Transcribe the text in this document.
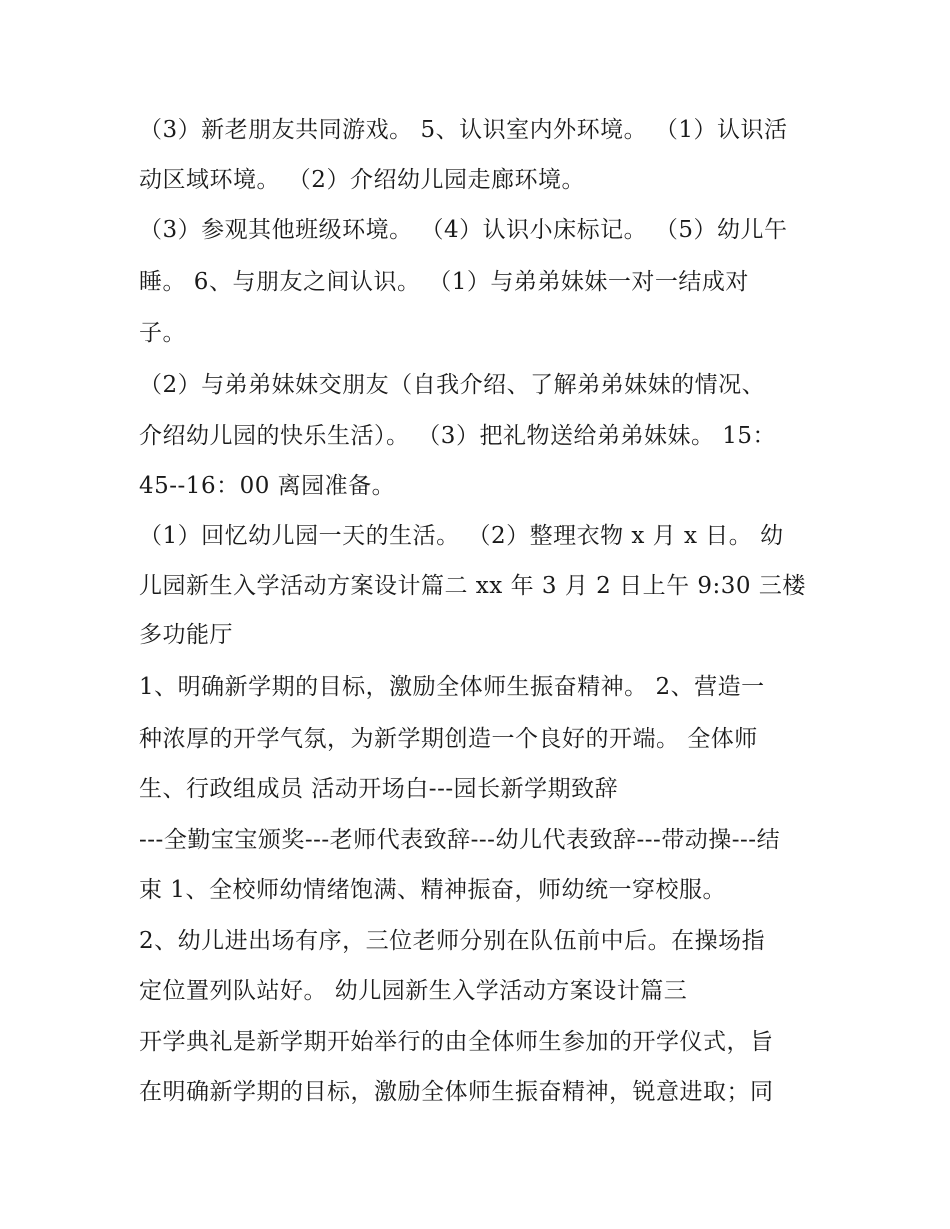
（3）新老朋友共同游戏。 5、认识室内外环境。 （1）认识活
动区域环境。 （2）介绍幼儿园走廊环境。
（3）参观其他班级环境。 （4）认识小床标记。 （5）幼儿午
睡。 6、与朋友之间认识。 （1）与弟弟妹妹一对一结成对
子。
（2）与弟弟妹妹交朋友（自我介绍、了解弟弟妹妹的情况、
介绍幼儿园的快乐生活）。 （3）把礼物送给弟弟妹妹。 15：
45--16：00 离园准备。
（1）回忆幼儿园一天的生活。 （2）整理衣物 x 月 x 日。 幼
儿园新生入学活动方案设计篇二 xx 年 3 月 2 日上午 9:30 三楼
多功能厅
1、明确新学期的目标，激励全体师生振奋精神。 2、营造一
种浓厚的开学气氛，为新学期创造一个良好的开端。 全体师
生、行政组成员 活动开场白---园长新学期致辞
---全勤宝宝颁奖---老师代表致辞---幼儿代表致辞---带动操---结
束 1、全校师幼情绪饱满、精神振奋，师幼统一穿校服。
2、幼儿进出场有序，三位老师分别在队伍前中后。在操场指
定位置列队站好。 幼儿园新生入学活动方案设计篇三
开学典礼是新学期开始举行的由全体师生参加的开学仪式，旨
在明确新学期的目标，激励全体师生振奋精神，锐意进取；同
